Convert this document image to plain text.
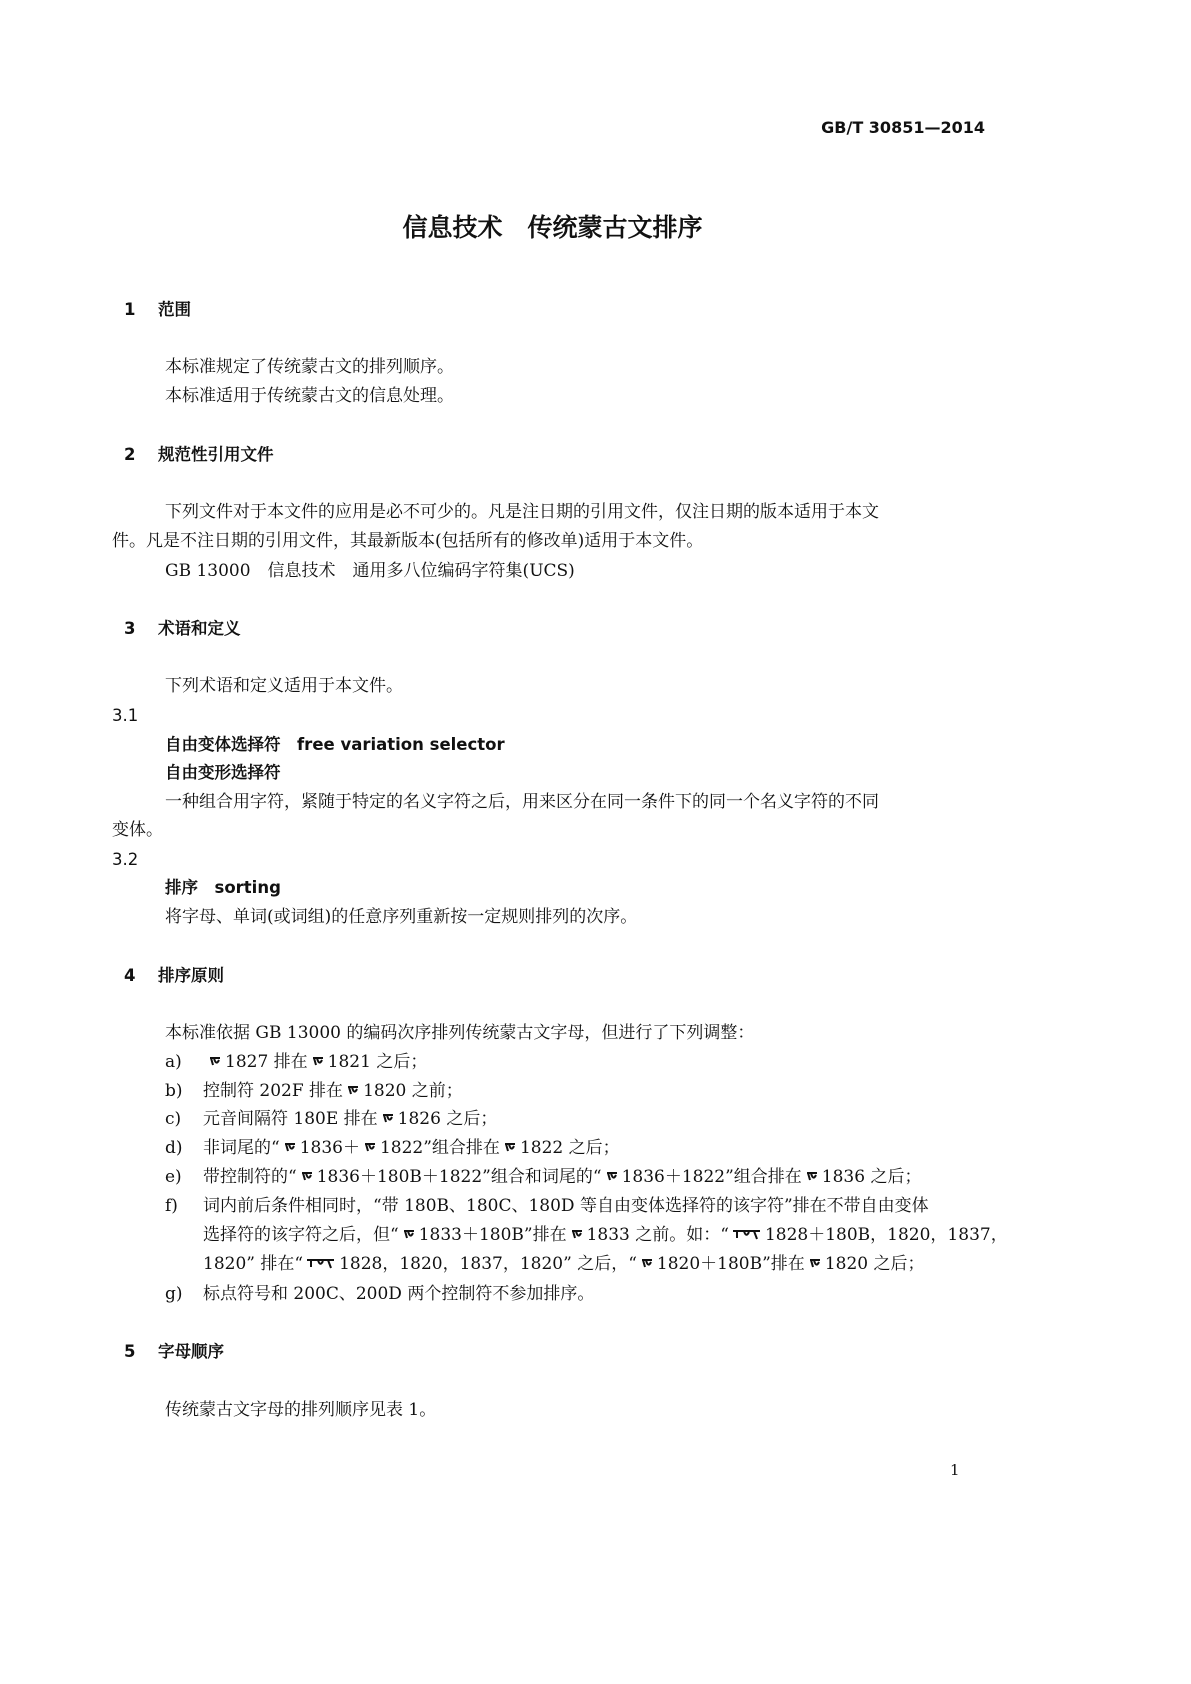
GB/T 30851—2014
信息技术　传统蒙古文排序
1 范围
本标准规定了传统蒙古文的排列顺序。
本标准适用于传统蒙古文的信息处理。
2 规范性引用文件
下列文件对于本文件的应用是必不可少的。凡是注日期的引用文件，仅注日期的版本适用于本文
件。凡是不注日期的引用文件，其最新版本(包括所有的修改单)适用于本文件。
GB 13000　信息技术　通用多八位编码字符集(UCS)
3 术语和定义
下列术语和定义适用于本文件。
3.1
自由变体选择符　free variation selector
自由变形选择符
一种组合用字符，紧随于特定的名义字符之后，用来区分在同一条件下的同一个名义字符的不同
变体。
3.2
排序　sorting
将字母、单词(或词组)的任意序列重新按一定规则排列的次序。
4 排序原则
本标准依据 GB 13000 的编码次序排列传统蒙古文字母，但进行了下列调整：
a)	1827 排在 1821 之后；
b) 控制符 202F 排在 1820 之前；
c) 元音间隔符 180E 排在 1826 之后；
d) 非词尾的“ 1836＋ 1822”组合排在 1822 之后；
e) 带控制符的“ 1836＋180B＋1822”组合和词尾的“ 1836＋1822”组合排在 1836 之后；
f) 词内前后条件相同时，“带 180B、180C、180D 等自由变体选择符的该字符”排在不带自由变体
选择符的该字符之后，但“ 1833＋180B”排在 1833 之前。如：“ 1828＋180B，1820，1837，
1820” 排在“ 1828，1820，1837，1820” 之后，“ 1820＋180B”排在 1820 之后；
g) 标点符号和 200C、200D 两个控制符不参加排序。
5 字母顺序
传统蒙古文字母的排列顺序见表 1。
1
